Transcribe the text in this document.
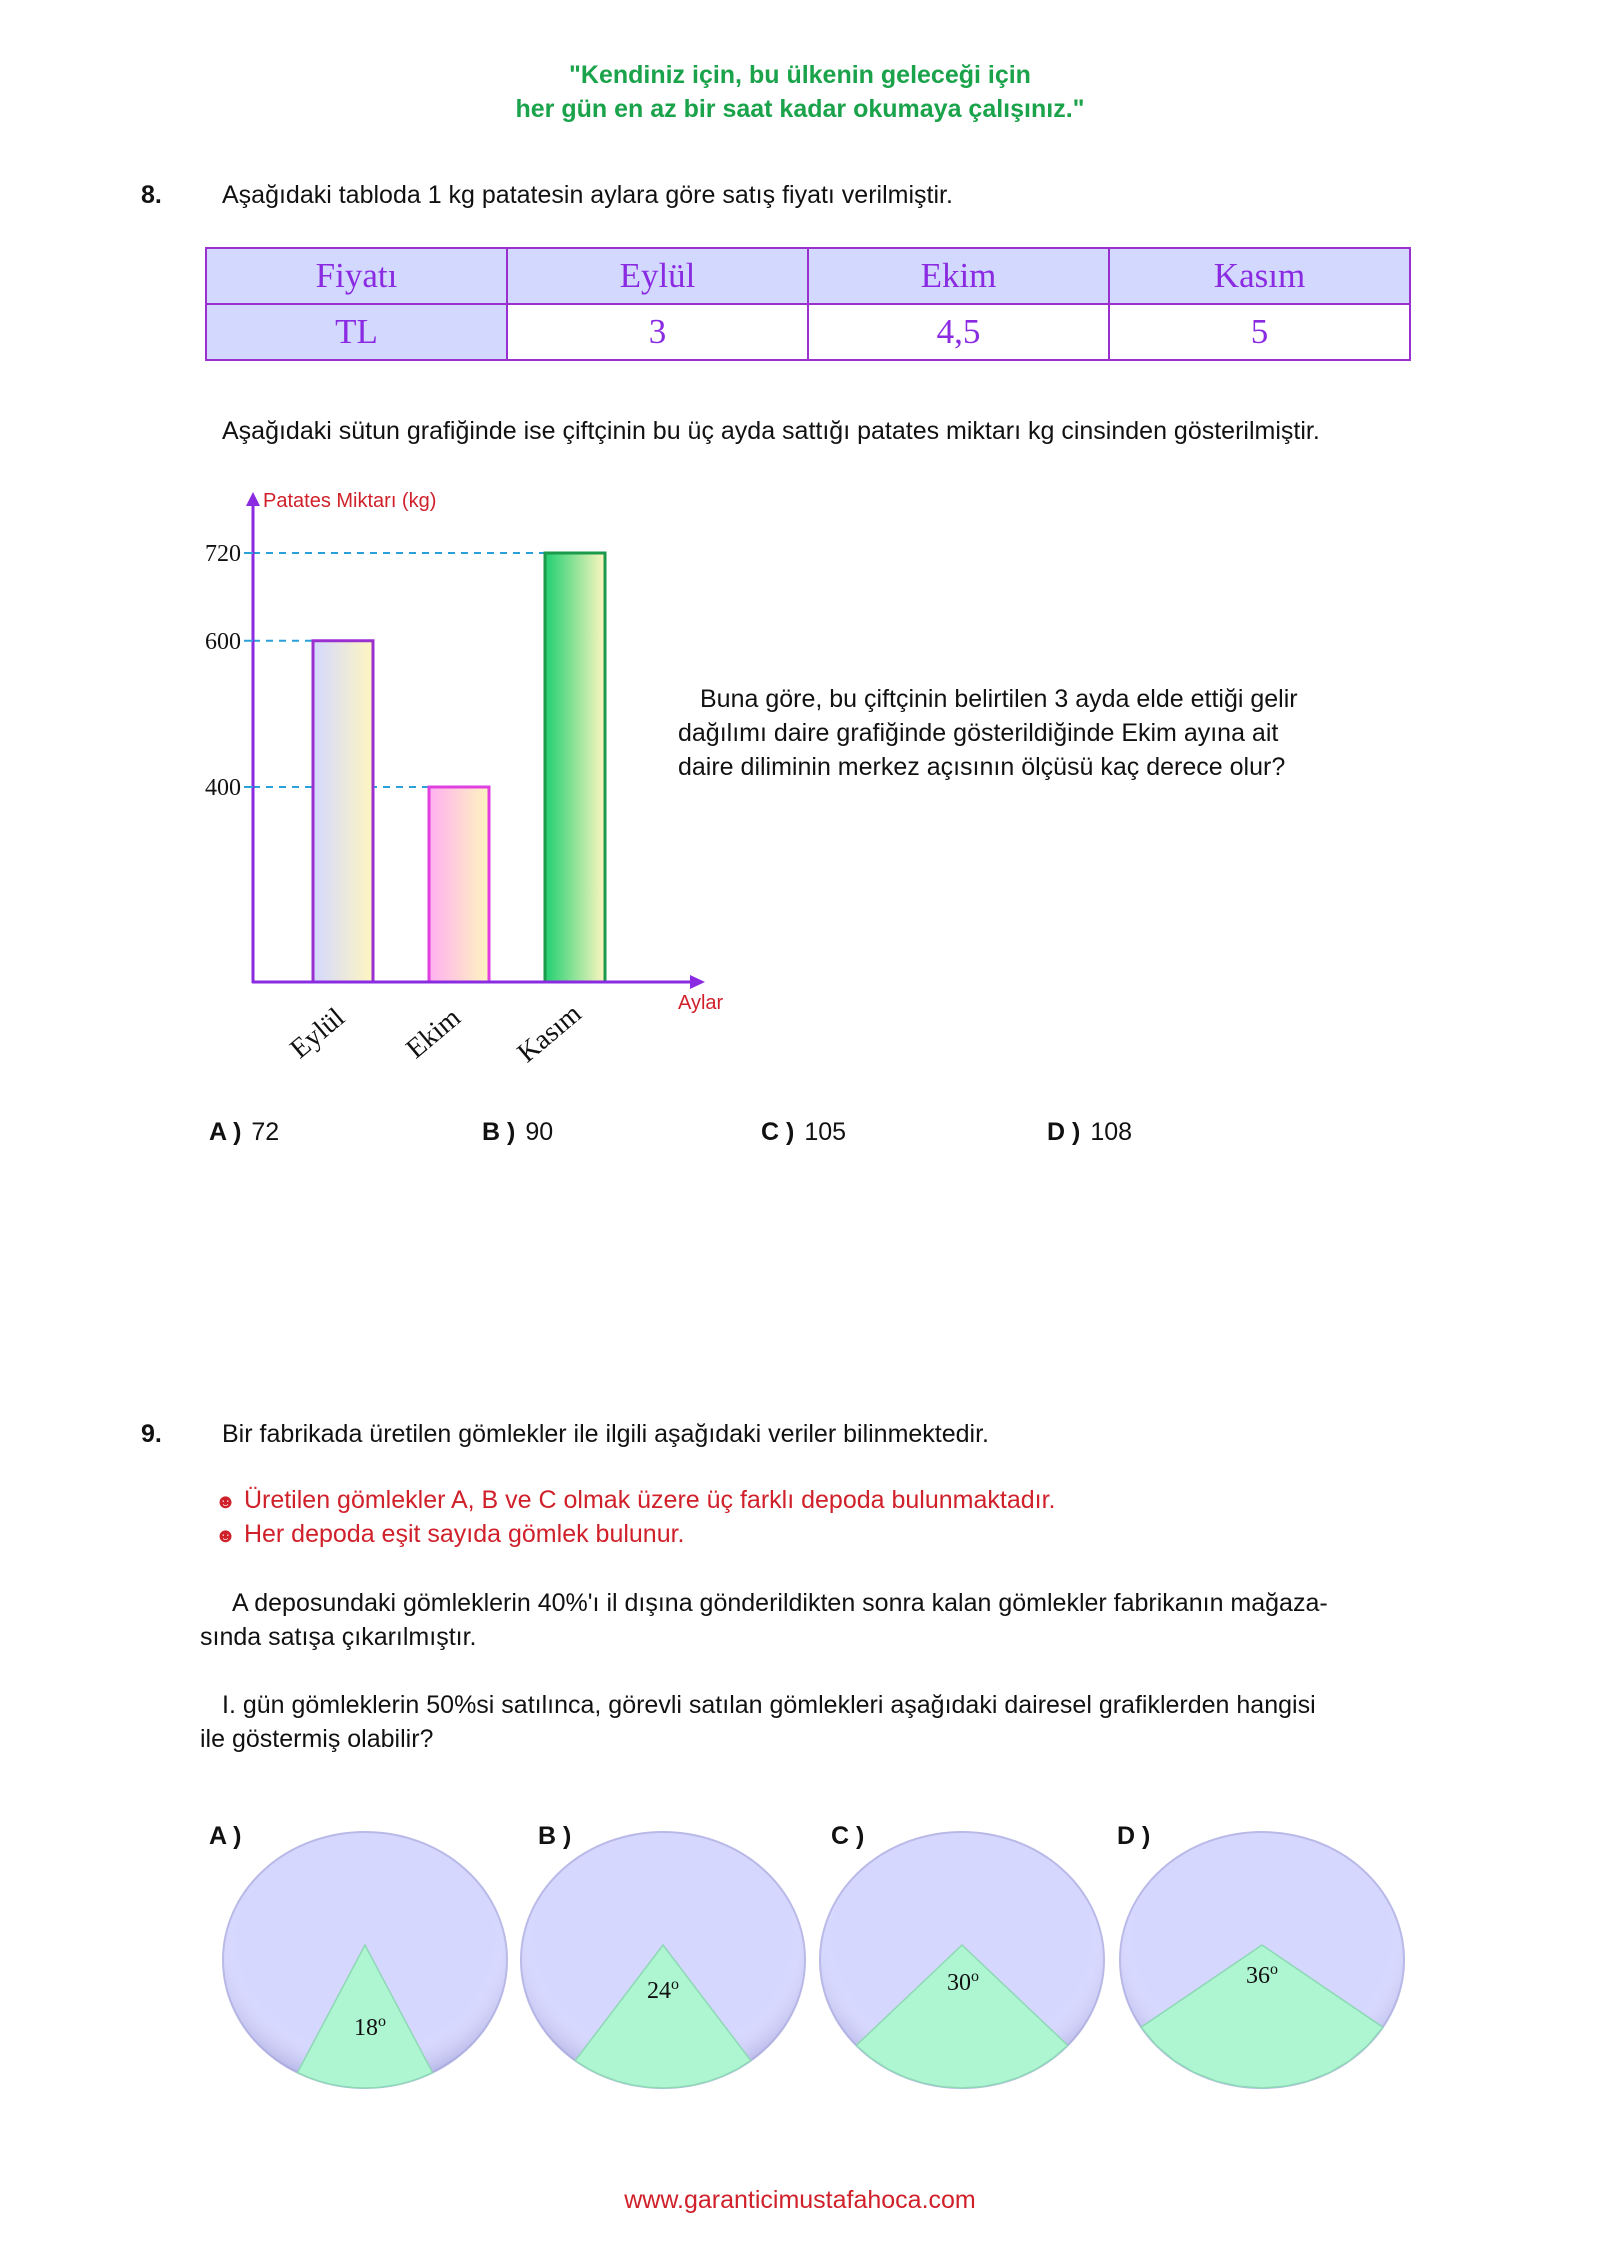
"Kendiniz için, bu ülkenin geleceği için
her gün en az bir saat kadar okumaya çalışınız."
8. Aşağıdaki tabloda 1 kg patatesin aylara göre satış fiyatı verilmiştir.
Fiyatı	Eylül	Ekim	Kasım
TL	3	4,5	5
Aşağıdaki sütun grafiğinde ise çiftçinin bu üç ayda sattığı patates miktarı kg cinsinden gösterilmiştir.
Patates Miktarı (kg)
Aylar
400
600
720
Eylül Ekim Kasım
Buna göre, bu çiftçinin belirtilen 3 ayda elde ettiği gelir
dağılımı daire grafiğinde gösterildiğinde Ekim ayına ait
daire diliminin merkez açısının ölçüsü kaç derece olur?
A ) 72	B ) 90	C ) 105	D ) 108
9. Bir fabrikada üretilen gömlekler ile ilgili aşağıdaki veriler bilinmektedir.
☻ Üretilen gömlekler A, B ve C olmak üzere üç farklı depoda bulunmaktadır.
☻ Her depoda eşit sayıda gömlek bulunur.
A deposundaki gömleklerin 40%'ı il dışına gönderildikten sonra kalan gömlekler fabrikanın mağaza-
sında satışa çıkarılmıştır.
I. gün gömleklerin 50%si satılınca, görevli satılan gömlekleri aşağıdaki dairesel grafiklerden hangisi
ile göstermiş olabilir?
A )	B )	C )	D )
18$^o$
24$^o$	30$^o$	36$^o$
www.garanticimustafahoca.com
